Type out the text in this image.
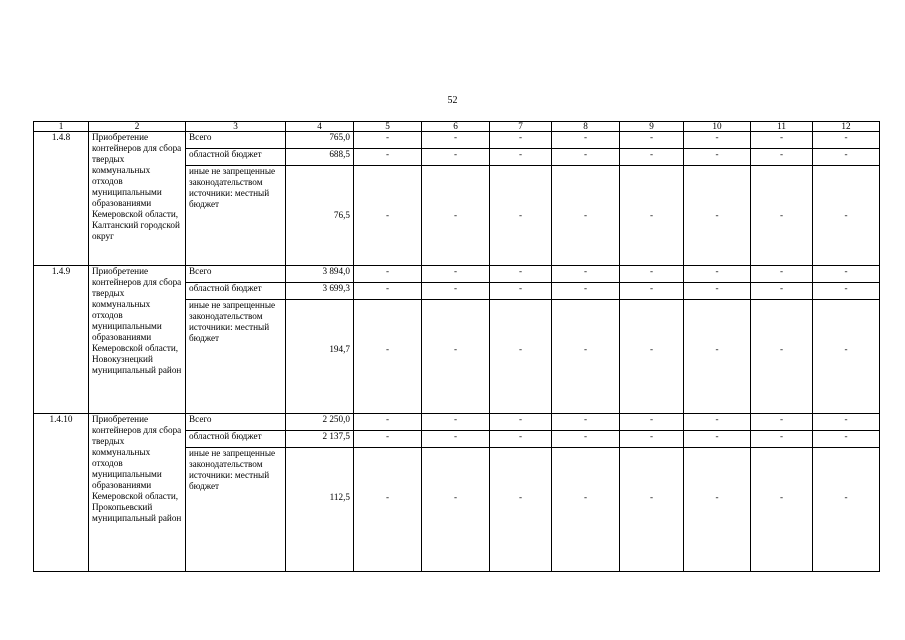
52
1	2	3	4	5	6	7	8	9	10	11	12
1.4.8	Приобретение контейнеров для сбора твердых коммунальных отходов муниципальными образованиями Кемеровской области, Калтанский городской округ	Всего	765,0	-	-	-	-	-	-	-	-
		областной бюджет	688,5	-	-	-	-	-	-	-	-
		иные не запрещенные законодательством источники: местный бюджет	76,5	-	-	-	-	-	-	-	-
1.4.9	Приобретение контейнеров для сбора твердых коммунальных отходов муниципальными образованиями Кемеровской области, Новокузнецкий муниципальный район	Всего	3 894,0	-	-	-	-	-	-	-	-
		областной бюджет	3 699,3	-	-	-	-	-	-	-	-
		иные не запрещенные законодательством источники: местный бюджет	194,7	-	-	-	-	-	-	-	-
1.4.10	Приобретение контейнеров для сбора твердых коммунальных отходов муниципальными образованиями Кемеровской области, Прокопьевский муниципальный район	Всего	2 250,0	-	-	-	-	-	-	-	-
		областной бюджет	2 137,5	-	-	-	-	-	-	-	-
		иные не запрещенные законодательством источники: местный бюджет	112,5	-	-	-	-	-	-	-	-
